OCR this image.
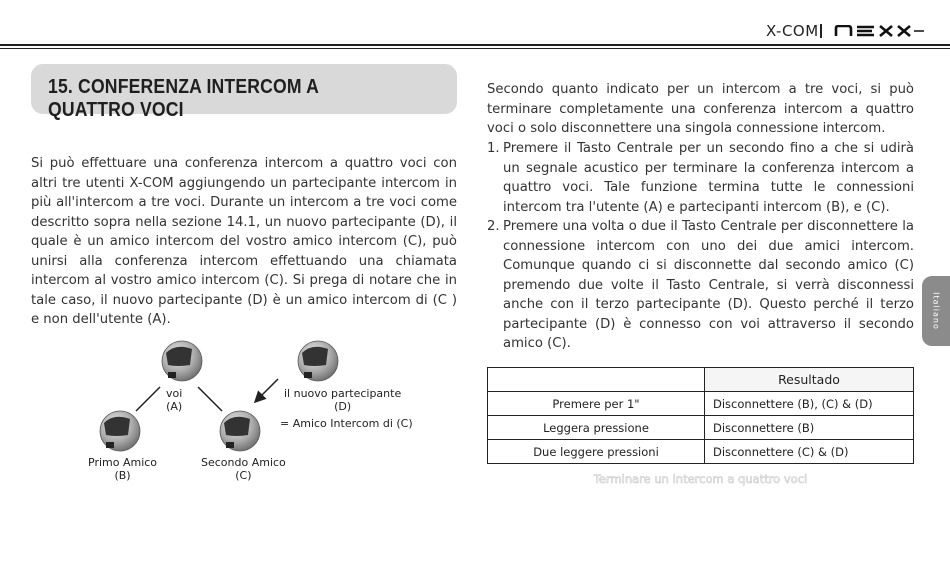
X-COM
15. CONFERENZA INTERCOM A QUATTRO VOCI

Si può effettuare una conferenza intercom a quattro voci con altri tre utenti X-COM aggiungendo un partecipante intercom in più all'intercom a tre voci. Durante un intercom a tre voci come descritto sopra nella sezione 14.1, un nuovo partecipante (D), il quale è un amico intercom del vostro amico intercom (C), può unirsi alla conferenza intercom effettuando una chiamata intercom al vostro amico intercom (C). Si prega di notare che in tale caso, il nuovo partecipante (D) è un amico intercom di (C ) e non dell'utente (A).

voi
(A)
il nuovo partecipante
(D)
= Amico Intercom di (C)
Primo Amico
(B)
Secondo Amico
(C)

Secondo quanto indicato per un intercom a tre voci, si può terminare completamente una conferenza intercom a quattro voci o solo disconnettere una singola connessione intercom.

1. Premere il Tasto Centrale per un secondo fino a che si udirà un segnale acustico per terminare la conferenza intercom a quattro voci. Tale funzione termina tutte le connessioni intercom tra l'utente (A) e partecipanti intercom (B), e (C).
2. Premere una volta o due il Tasto Centrale per disconnettere la connessione intercom con uno dei due amici intercom. Comunque quando ci si disconnette dal secondo amico (C) premendo due volte il Tasto Centrale, si verrà disconnessi anche con il terzo partecipante (D). Questo perché il terzo partecipante (D) è connesso con voi attraverso il secondo amico (C).
	Resultado
Premere per 1"	Disconnettere (B), (C) & (D)
Leggera pressione	Disconnettere (B)
Due leggere pressioni	Disconnettere (C) & (D)
Terminare un intercom a quattro voci
Italiano
